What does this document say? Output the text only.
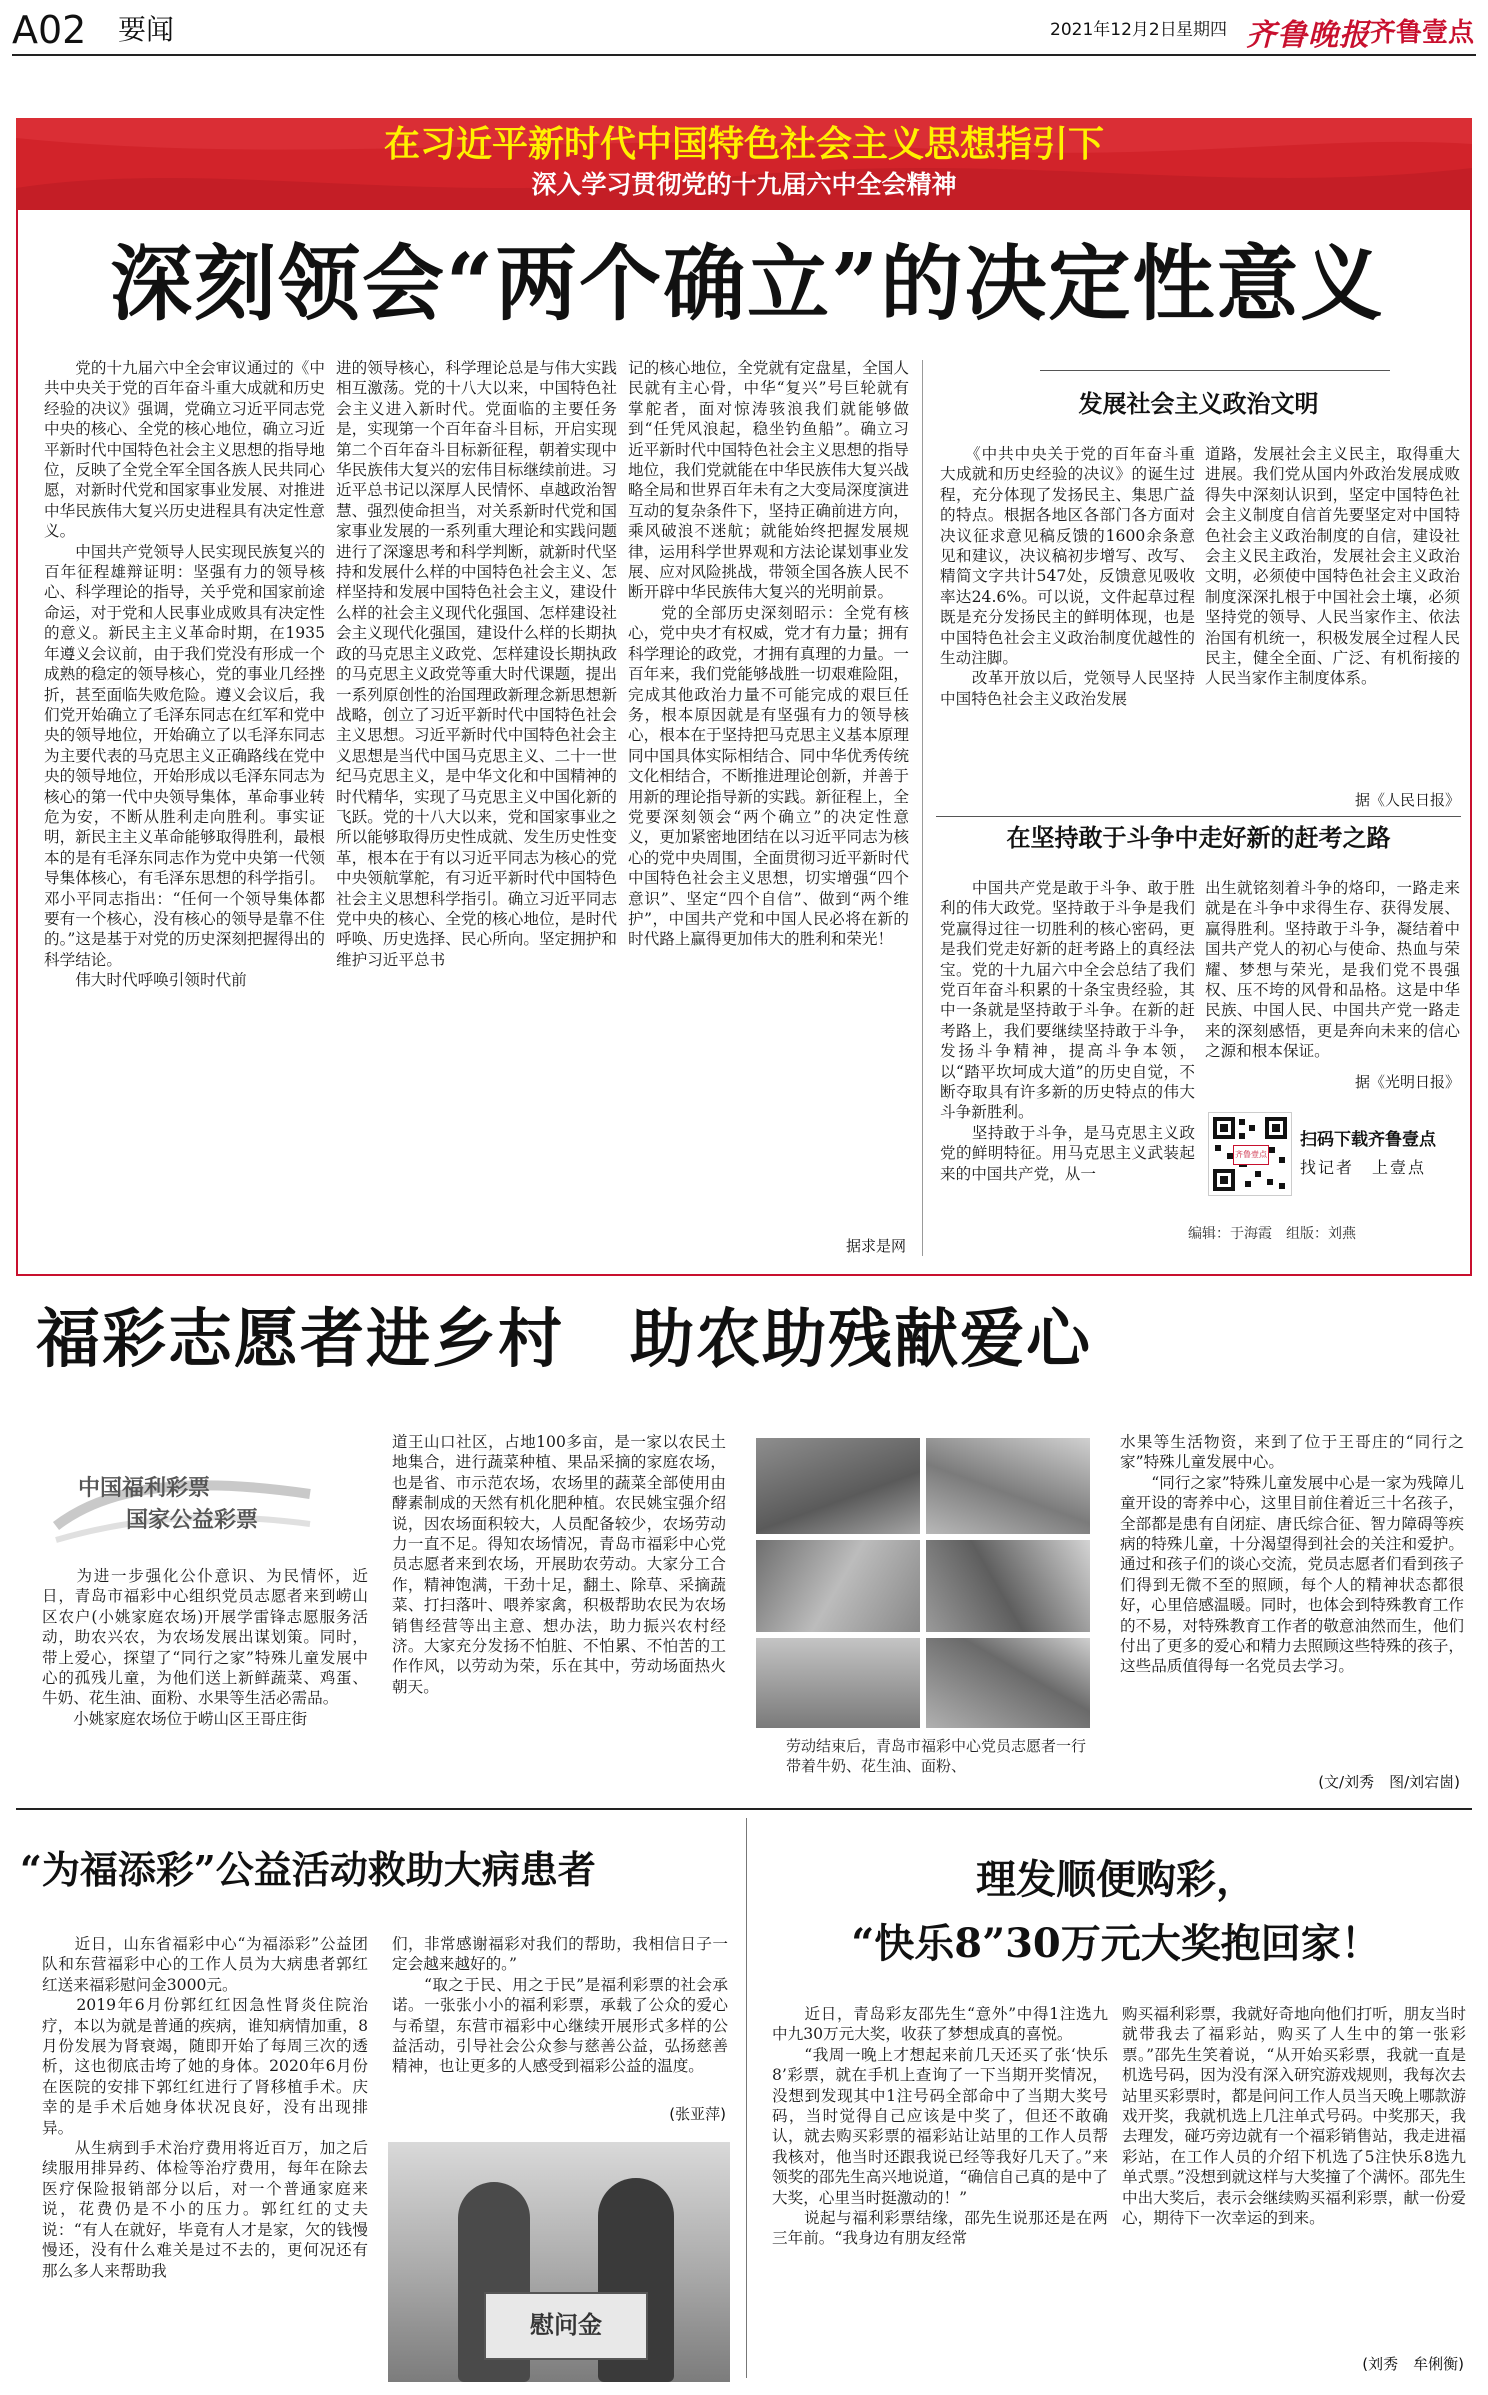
A02 要闻	2021年12月2日 星期四 齐鲁晚报 齐鲁壹点
在习近平新时代中国特色社会主义思想指引下
深入学习贯彻党的十九届六中全会精神
深刻领会“两个确立”的决定性意义
　　党的十九届六中全会审议通过的《中共中央关于党的百年奋斗重大成就和历史经验的决议》强调，党确立习近平同志党中央的核心、全党的核心地位，确立习近平新时代中国特色社会主义思想的指导地位，反映了全党全军全国各族人民共同心愿，对新时代党和国家事业发展、对推进中华民族伟大复兴历史进程具有决定性意义。
　　中国共产党领导人民实现民族复兴的百年征程雄辩证明：坚强有力的领导核心、科学理论的指导，关乎党和国家前途命运，对于党和人民事业成败具有决定性的意义。新民主主义革命时期，在1935年遵义会议前，由于我们党没有形成一个成熟的稳定的领导核心，党的事业几经挫折，甚至面临失败危险。遵义会议后，我们党开始确立了毛泽东同志在红军和党中央的领导地位，开始确立了以毛泽东同志为主要代表的马克思主义正确路线在党中央的领导地位，开始形成以毛泽东同志为核心的第一代中央领导集体，革命事业转危为安，不断从胜利走向胜利。事实证明，新民主主义革命能够取得胜利，最根本的是有毛泽东同志作为党中央第一代领导集体核心，有毛泽东思想的科学指引。邓小平同志指出：“任何一个领导集体都要有一个核心，没有核心的领导是靠不住的。”这是基于对党的历史深刻把握得出的科学结论。
　　伟大时代呼唤引领时代前
进的领导核心，科学理论总是与伟大实践相互激荡。党的十八大以来，中国特色社会主义进入新时代。党面临的主要任务是，实现第一个百年奋斗目标，开启实现第二个百年奋斗目标新征程，朝着实现中华民族伟大复兴的宏伟目标继续前进。习近平总书记以深厚人民情怀、卓越政治智慧、强烈使命担当，对关系新时代党和国家事业发展的一系列重大理论和实践问题进行了深邃思考和科学判断，就新时代坚持和发展什么样的中国特色社会主义、怎样坚持和发展中国特色社会主义，建设什么样的社会主义现代化强国、怎样建设社会主义现代化强国，建设什么样的长期执政的马克思主义政党、怎样建设长期执政的马克思主义政党等重大时代课题，提出一系列原创性的治国理政新理念新思想新战略，创立了习近平新时代中国特色社会主义思想。习近平新时代中国特色社会主义思想是当代中国马克思主义、二十一世纪马克思主义，是中华文化和中国精神的时代精华，实现了马克思主义中国化新的飞跃。党的十八大以来，党和国家事业之所以能够取得历史性成就、发生历史性变革，根本在于有以习近平同志为核心的党中央领航掌舵，有习近平新时代中国特色社会主义思想科学指引。确立习近平同志党中央的核心、全党的核心地位，是时代呼唤、历史选择、民心所向。坚定拥护和维护习近平总书
记的核心地位，全党就有定盘星，全国人民就有主心骨，中华“复兴”号巨轮就有掌舵者，面对惊涛骇浪我们就能够做到“任凭风浪起，稳坐钓鱼船”。确立习近平新时代中国特色社会主义思想的指导地位，我们党就能在中华民族伟大复兴战略全局和世界百年未有之大变局深度演进互动的复杂条件下，坚持正确前进方向，乘风破浪不迷航；就能始终把握发展规律，运用科学世界观和方法论谋划事业发展、应对风险挑战，带领全国各族人民不断开辟中华民族伟大复兴的光明前景。
　　党的全部历史深刻昭示：全党有核心，党中央才有权威，党才有力量；拥有科学理论的政党，才拥有真理的力量。一百年来，我们党能够战胜一切艰难险阻，完成其他政治力量不可能完成的艰巨任务，根本原因就是有坚强有力的领导核心，根本在于坚持把马克思主义基本原理同中国具体实际相结合、同中华优秀传统文化相结合，不断推进理论创新，并善于用新的理论指导新的实践。新征程上，全党要深刻领会“两个确立”的决定性意义，更加紧密地团结在以习近平同志为核心的党中央周围，全面贯彻习近平新时代中国特色社会主义思想，切实增强“四个意识”、坚定“四个自信”、做到“两个维护”，中国共产党和中国人民必将在新的时代路上赢得更加伟大的胜利和荣光！
据求是网
发展社会主义政治文明
　　《中共中央关于党的百年奋斗重大成就和历史经验的决议》的诞生过程，充分体现了发扬民主、集思广益的特点。根据各地区各部门各方面对决议征求意见稿反馈的1600余条意见和建议，决议稿初步增写、改写、精简文字共计547处，反馈意见吸收率达24.6%。可以说，文件起草过程既是充分发扬民主的鲜明体现，也是中国特色社会主义政治制度优越性的生动注脚。
　　改革开放以后，党领导人民坚持中国特色社会主义政治发展
道路，发展社会主义民主，取得重大进展。我们党从国内外政治发展成败得失中深刻认识到，坚定中国特色社会主义制度自信首先要坚定对中国特色社会主义政治制度的自信，建设社会主义民主政治，发展社会主义政治文明，必须使中国特色社会主义政治制度深深扎根于中国社会土壤，必须坚持党的领导、人民当家作主、依法治国有机统一，积极发展全过程人民民主，健全全面、广泛、有机衔接的人民当家作主制度体系。
据《人民日报》
在坚持敢于斗争中走好新的赶考之路
　　中国共产党是敢于斗争、敢于胜利的伟大政党。坚持敢于斗争是我们党赢得过往一切胜利的核心密码，更是我们党走好新的赶考路上的真经法宝。党的十九届六中全会总结了我们党百年奋斗积累的十条宝贵经验，其中一条就是坚持敢于斗争。在新的赶考路上，我们要继续坚持敢于斗争，发扬斗争精神，提高斗争本领，以“踏平坎坷成大道”的历史自觉，不断夺取具有许多新的历史特点的伟大斗争新胜利。
　　坚持敢于斗争，是马克思主义政党的鲜明特征。用马克思主义武装起来的中国共产党，从一
出生就铭刻着斗争的烙印，一路走来就是在斗争中求得生存、获得发展、赢得胜利。坚持敢于斗争，凝结着中国共产党人的初心与使命、热血与荣耀、梦想与荣光，是我们党不畏强权、压不垮的风骨和品格。这是中华民族、中国人民、中国共产党一路走来的深刻感悟，更是奔向未来的信心之源和根本保证。
据《光明日报》
齐鲁壹点
扫码下载齐鲁壹点
找记者　上壹点
编辑：于海霞　组版：刘燕
福彩志愿者进乡村　助农助残献爱心
中国福利彩票
国家公益彩票
　　为进一步强化公仆意识、为民情怀，近日，青岛市福彩中心组织党员志愿者来到崂山区农户(小姚家庭农场)开展学雷锋志愿服务活动，助农兴农，为农场发展出谋划策。同时，带上爱心，探望了“同行之家”特殊儿童发展中心的孤残儿童，为他们送上新鲜蔬菜、鸡蛋、牛奶、花生油、面粉、水果等生活必需品。
　　小姚家庭农场位于崂山区王哥庄街
道王山口社区，占地100多亩，是一家以农民土地集合，进行蔬菜种植、果品采摘的家庭农场，也是省、市示范农场，农场里的蔬菜全部使用由酵素制成的天然有机化肥种植。农民姚宝强介绍说，因农场面积较大，人员配备较少，农场劳动力一直不足。得知农场情况，青岛市福彩中心党员志愿者来到农场，开展助农劳动。大家分工合作，精神饱满，干劲十足，翻土、除草、采摘蔬菜、打扫落叶、喂养家禽，积极帮助农民为农场销售经营等出主意、想办法，助力振兴农村经济。大家充分发扬不怕脏、不怕累、不怕苦的工作作风，以劳动为荣，乐在其中，劳动场面热火朝天。
劳动结束后，青岛市福彩中心党员志愿者一行带着牛奶、花生油、面粉、
水果等生活物资，来到了位于王哥庄的“同行之家”特殊儿童发展中心。
　　“同行之家”特殊儿童发展中心是一家为残障儿童开设的寄养中心，这里目前住着近三十名孩子，全部都是患有自闭症、唐氏综合征、智力障碍等疾病的特殊儿童，十分渴望得到社会的关注和爱护。通过和孩子们的谈心交流，党员志愿者们看到孩子们得到无微不至的照顾，每个人的精神状态都很好，心里倍感温暖。同时，也体会到特殊教育工作的不易，对特殊教育工作者的敬意油然而生，他们付出了更多的爱心和精力去照顾这些特殊的孩子，这些品质值得每一名党员去学习。
(文/刘秀　图/刘宕崮)
“为福添彩”公益活动救助大病患者
　　近日，山东省福彩中心“为福添彩”公益团队和东营福彩中心的工作人员为大病患者郭红红送来福彩慰问金3000元。
　　2019年6月份郭红红因急性肾炎住院治疗，本以为就是普通的疾病，谁知病情加重，8月份发展为肾衰竭，随即开始了每周三次的透析，这也彻底击垮了她的身体。2020年6月份在医院的安排下郭红红进行了肾移植手术。庆幸的是手术后她身体状况良好，没有出现排异。
　　从生病到手术治疗费用将近百万，加之后续服用排异药、体检等治疗费用，每年在除去医疗保险报销部分以后，对一个普通家庭来说，花费仍是不小的压力。郭红红的丈夫说：“有人在就好，毕竟有人才是家，欠的钱慢慢还，没有什么难关是过不去的，更何况还有那么多人来帮助我
们，非常感谢福彩对我们的帮助，我相信日子一定会越来越好的。”
　　“取之于民、用之于民”是福利彩票的社会承诺。一张张小小的福利彩票，承载了公众的爱心与希望，东营市福彩中心继续开展形式多样的公益活动，引导社会公众参与慈善公益，弘扬慈善精神，也让更多的人感受到福彩公益的温度。
(张亚萍)
慰问金
理发顺便购彩，
“快乐8”30万元大奖抱回家！
　　近日，青岛彩友邵先生“意外”中得1注选九中九30万元大奖，收获了梦想成真的喜悦。
　　“我周一晚上才想起来前几天还买了张‘快乐8’彩票，就在手机上查询了一下当期开奖情况，没想到发现其中1注号码全部命中了当期大奖号码，当时觉得自己应该是中奖了，但还不敢确认，就去购买彩票的福彩站让站里的工作人员帮我核对，他当时还跟我说已经等我好几天了。”来领奖的邵先生高兴地说道，“确信自己真的是中了大奖，心里当时挺激动的！”
　　说起与福利彩票结缘，邵先生说那还是在两三年前。“我身边有朋友经常
购买福利彩票，我就好奇地向他们打听，朋友当时就带我去了福彩站，购买了人生中的第一张彩票。”邵先生笑着说，“从开始买彩票，我就一直是机选号码，因为没有深入研究游戏规则，我每次去站里买彩票时，都是问问工作人员当天晚上哪款游戏开奖，我就机选上几注单式号码。中奖那天，我去理发，碰巧旁边就有一个福彩销售站，我走进福彩站，在工作人员的介绍下机选了5注快乐8选九单式票。”没想到就这样与大奖撞了个满怀。邵先生中出大奖后，表示会继续购买福利彩票，献一份爱心，期待下一次幸运的到来。
(刘秀　牟俐衡)
